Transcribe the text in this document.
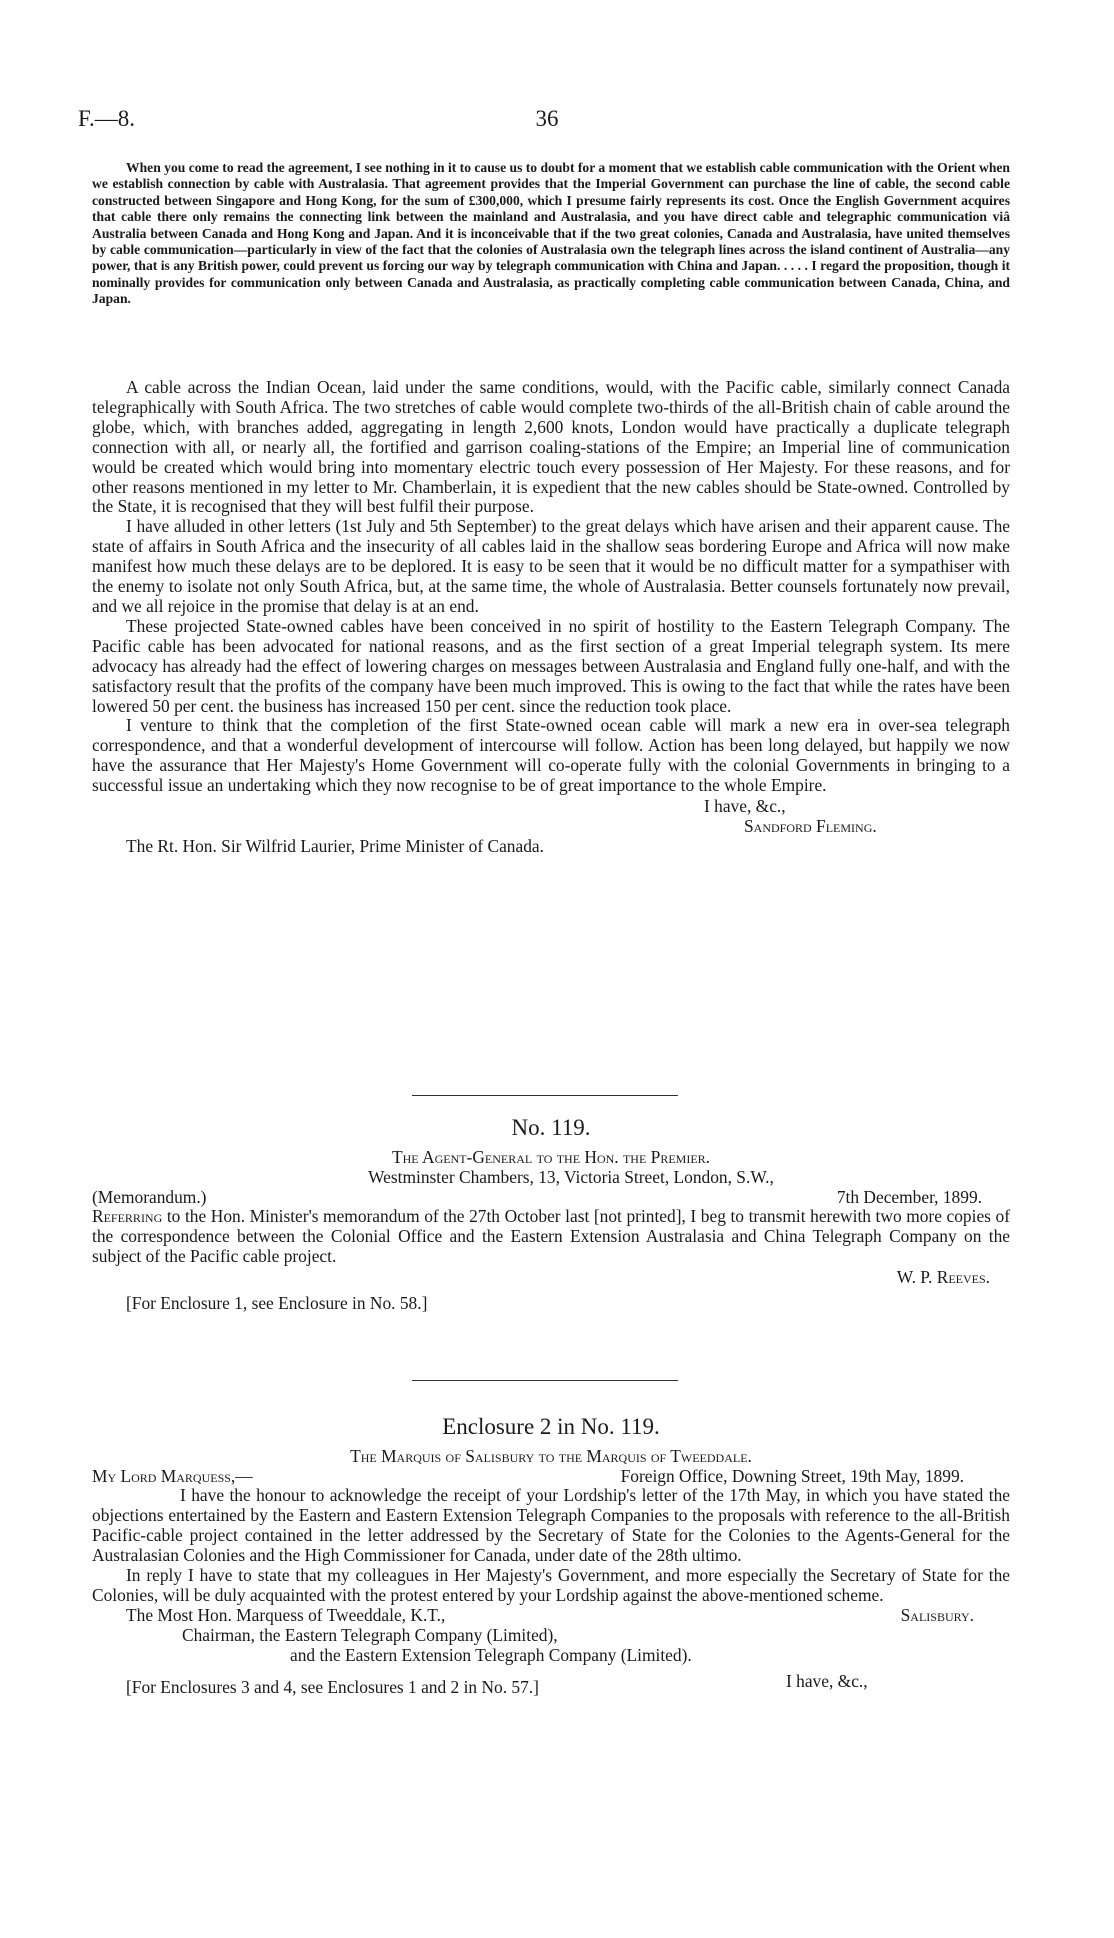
F.—8.	36

When you come to read the agreement, I see nothing in it to cause us to doubt for a moment that we establish cable communication with the Orient when we establish connection by cable with Australasia. That agreement provides that the Imperial Government can purchase the line of cable, the second cable constructed between Singapore and Hong Kong, for the sum of £300,000, which I presume fairly represents its cost. Once the English Government acquires that cable there only remains the connecting link between the mainland and Australasia, and you have direct cable and telegraphic communication viâ Australia between Canada and Hong Kong and Japan. And it is inconceivable that if the two great colonies, Canada and Australasia, have united themselves by cable communication—particularly in view of the fact that the colonies of Australasia own the telegraph lines across the island continent of Australia—any power, that is any British power, could prevent us forcing our way by telegraph communication with China and Japan. . . . . I regard the proposition, though it nominally provides for communication only between Canada and Australasia, as practically completing cable communication between Canada, China, and Japan.

A cable across the Indian Ocean, laid under the same conditions, would, with the Pacific cable, similarly connect Canada telegraphically with South Africa. The two stretches of cable would complete two-thirds of the all-British chain of cable around the globe, which, with branches added, aggregating in length 2,600 knots, London would have practically a duplicate telegraph connection with all, or nearly all, the fortified and garrison coaling-stations of the Empire; an Imperial line of communication would be created which would bring into momentary electric touch every possession of Her Majesty. For these reasons, and for other reasons mentioned in my letter to Mr. Chamberlain, it is expedient that the new cables should be State-owned. Controlled by the State, it is recognised that they will best fulfil their purpose.

I have alluded in other letters (1st July and 5th September) to the great delays which have arisen and their apparent cause. The state of affairs in South Africa and the insecurity of all cables laid in the shallow seas bordering Europe and Africa will now make manifest how much these delays are to be deplored. It is easy to be seen that it would be no difficult matter for a sympathiser with the enemy to isolate not only South Africa, but, at the same time, the whole of Australasia. Better counsels fortunately now prevail, and we all rejoice in the promise that delay is at an end.

These projected State-owned cables have been conceived in no spirit of hostility to the Eastern Telegraph Company. The Pacific cable has been advocated for national reasons, and as the first section of a great Imperial telegraph system. Its mere advocacy has already had the effect of lowering charges on messages between Australasia and England fully one-half, and with the satisfactory result that the profits of the company have been much improved. This is owing to the fact that while the rates have been lowered 50 per cent. the business has increased 150 per cent. since the reduction took place.

I venture to think that the completion of the first State-owned ocean cable will mark a new era in over-sea telegraph correspondence, and that a wonderful development of intercourse will follow. Action has been long delayed, but happily we now have the assurance that Her Majesty's Home Government will co-operate fully with the colonial Governments in bringing to a successful issue an undertaking which they now recognise to be of great importance to the whole Empire.

I have, &c.,
Sandford Fleming.
The Rt. Hon. Sir Wilfrid Laurier, Prime Minister of Canada.
No. 119.
The Agent-General to the Hon. the Premier.
Westminster Chambers, 13, Victoria Street, London, S.W.,
(Memorandum.)	7th December, 1899.
Referring to the Hon. Minister's memorandum of the 27th October last [not printed], I beg to transmit herewith two more copies of the correspondence between the Colonial Office and the Eastern Extension Australasia and China Telegraph Company on the subject of the Pacific cable project.
W. P. Reeves.
[For Enclosure 1, see Enclosure in No. 58.]
Enclosure 2 in No. 119.
The Marquis of Salisbury to the Marquis of Tweeddale.
My Lord Marquess,—	Foreign Office, Downing Street, 19th May, 1899.

I have the honour to acknowledge the receipt of your Lordship's letter of the 17th May, in which you have stated the objections entertained by the Eastern and Eastern Extension Telegraph Companies to the proposals with reference to the all-British Pacific-cable project contained in the letter addressed by the Secretary of State for the Colonies to the Agents-General for the Australasian Colonies and the High Commissioner for Canada, under date of the 28th ultimo.

In reply I have to state that my colleagues in Her Majesty's Government, and more especially the Secretary of State for the Colonies, will be duly acquainted with the protest entered by your Lordship against the above-mentioned scheme.

The Most Hon. Marquess of Tweeddale, K.T.,	Salisbury.
Chairman, the Eastern Telegraph Company (Limited),
and the Eastern Extension Telegraph Company (Limited).
[For Enclosures 3 and 4, see Enclosures 1 and 2 in No. 57.]	I have, &c.,
